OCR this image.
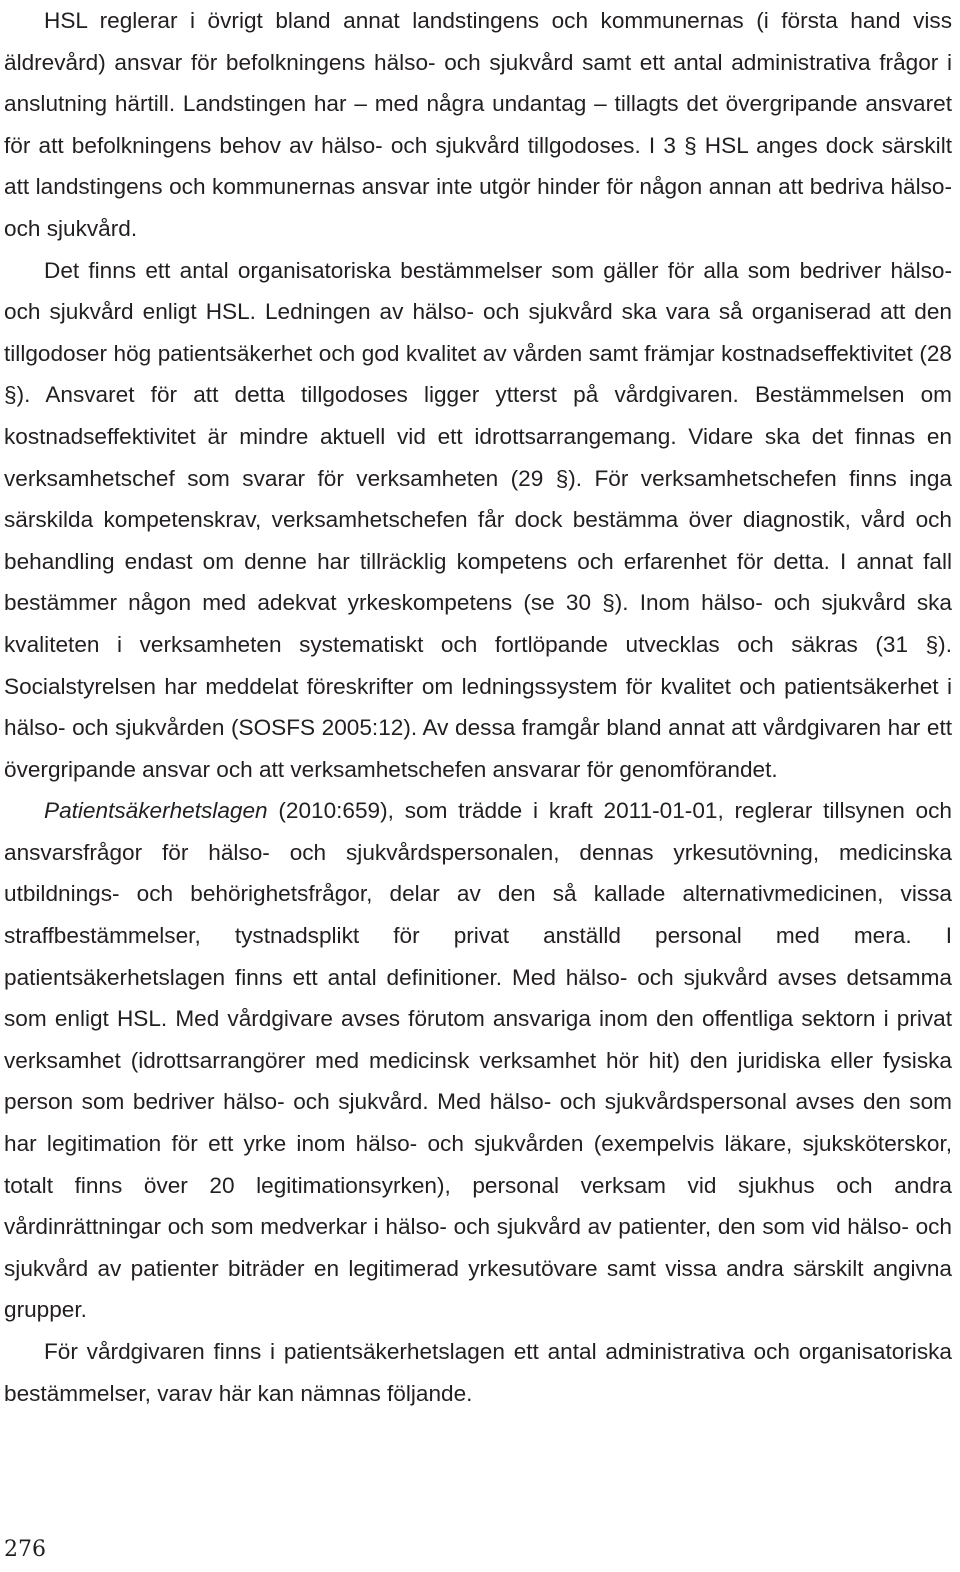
HSL reglerar i övrigt bland annat landstingens och kommunernas (i första hand viss äldrevård) ansvar för befolkningens hälso- och sjukvård samt ett antal administrativa frågor i anslutning härtill. Landstingen har – med några undantag – tillagts det övergripande ansvaret för att befolkningens behov av hälso- och sjukvård tillgodoses. I 3 § HSL anges dock särskilt att landstingens och kommunernas ansvar inte utgör hinder för någon annan att bedriva hälso- och sjukvård.

Det finns ett antal organisatoriska bestämmelser som gäller för alla som bedriver hälso- och sjukvård enligt HSL. Ledningen av hälso- och sjukvård ska vara så organiserad att den tillgodoser hög patientsäkerhet och god kvalitet av vården samt främjar kostnadseffektivitet (28 §). Ansvaret för att detta tillgodoses ligger ytterst på vårdgivaren. Bestämmelsen om kostnadseffektivitet är mindre aktuell vid ett idrottsarrangemang. Vidare ska det finnas en verksamhetschef som svarar för verksamheten (29 §). För verksamhetschefen finns inga särskilda kompetenskrav, verksamhetschefen får dock bestämma över diagnostik, vård och behandling endast om denne har tillräcklig kompetens och erfarenhet för detta. I annat fall bestämmer någon med adekvat yrkeskompetens (se 30 §). Inom hälso- och sjukvård ska kvaliteten i verksamheten systematiskt och fortlöpande utvecklas och säkras (31 §). Socialstyrelsen har meddelat föreskrifter om ledningssystem för kvalitet och patientsäkerhet i hälso- och sjukvården (SOSFS 2005:12). Av dessa framgår bland annat att vårdgivaren har ett övergripande ansvar och att verksamhetschefen ansvarar för genomförandet.

Patientsäkerhetslagen (2010:659), som trädde i kraft 2011-01-01, reglerar tillsynen och ansvarsfrågor för hälso- och sjukvårdspersonalen, dennas yrkesutövning, medicinska utbildnings- och behörighetsfrågor, delar av den så kallade alternativmedicinen, vissa straffbestämmelser, tystnadsplikt för privat anställd personal med mera. I patientsäkerhetslagen finns ett antal definitioner. Med hälso- och sjukvård avses detsamma som enligt HSL. Med vårdgivare avses förutom ansvariga inom den offentliga sektorn i privat verksamhet (idrottsarrangörer med medicinsk verksamhet hör hit) den juridiska eller fysiska person som bedriver hälso- och sjukvård. Med hälso- och sjukvårdspersonal avses den som har legitimation för ett yrke inom hälso- och sjukvården (exempelvis läkare, sjuksköterskor, totalt finns över 20 legitimationsyrken), personal verksam vid sjukhus och andra vårdinrättningar och som medverkar i hälso- och sjukvård av patienter, den som vid hälso- och sjukvård av patienter biträder en legitimerad yrkesutövare samt vissa andra särskilt angivna grupper.

För vårdgivaren finns i patientsäkerhetslagen ett antal administrativa och organisatoriska bestämmelser, varav här kan nämnas följande.

276
